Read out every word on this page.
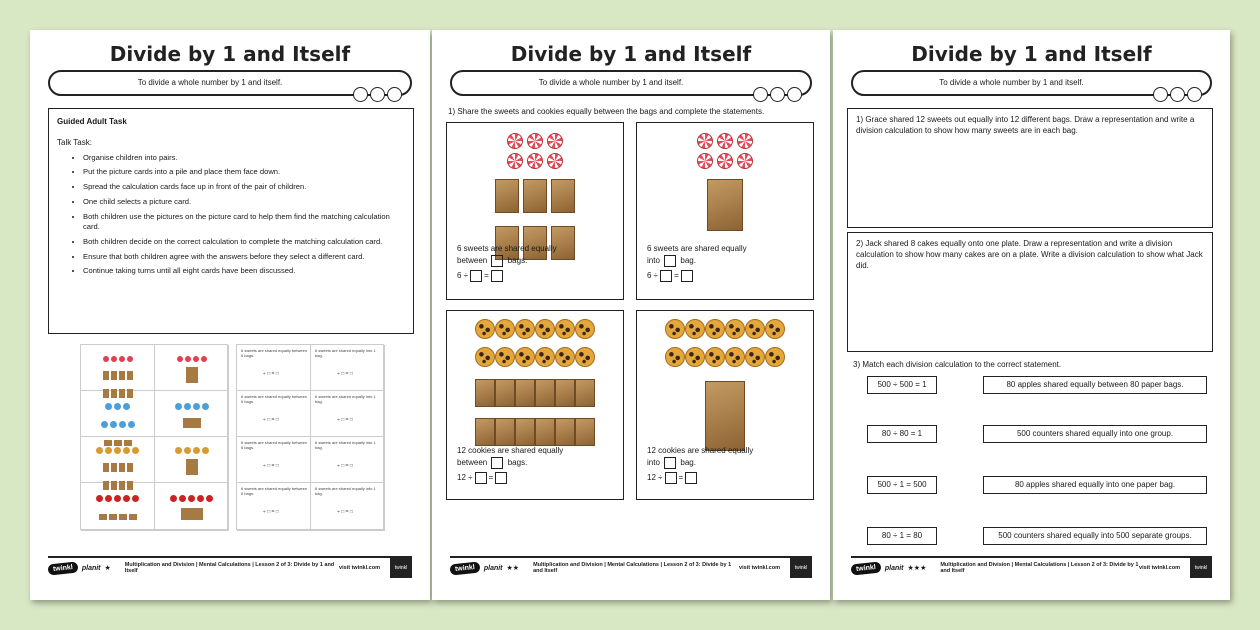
Divide by 1 and Itself
To divide a whole number by 1 and itself.
Guided Adult Task
Talk Task:
• Organise children into pairs.
• Put the picture cards into a pile and place them face down.
• Spread the calculation cards face up in front of the pair of children.
• One child selects a picture card.
• Both children use the pictures on the picture card to help them find the matching calculation card.
• Both children decide on the correct calculation to complete the matching calculation card.
• Ensure that both children agree with the answers before they select a different card.
• Continue taking turns until all eight cards have been discussed.
6 sweets are shared equally between 6 bags.
÷ □ = □
6 sweets are shared equally into 1 bag.
÷ □ = □
6 sweets are shared equally between 6 bags.
÷ □ = □
6 sweets are shared equally into 1 bag.
÷ □ = □
6 sweets are shared equally between 6 bags.
÷ □ = □
6 sweets are shared equally into 1 bag.
÷ □ = □
6 sweets are shared equally between 6 bags.
÷ □ = □
6 sweets are shared equally into 1 bag.
÷ □ = □
twinkl	planit ★	Multiplication and Division | Mental Calculations | Lesson 2 of 3: Divide by 1 and Itself	visit twinkl.com	twinkl
Divide by 1 and Itself
To divide a whole number by 1 and itself.
1) Share the sweets and cookies equally between the bags and complete the statements.

6 sweets are shared equally
between	bags.
6 ÷ =

6 sweets are shared equally
into	bag.
6 ÷ =

12 cookies are shared equally
between	bags.
12 ÷ =

12 cookies are shared equally
into	bag.
12 ÷ =
twinkl	planit ★★	Multiplication and Division | Mental Calculations | Lesson 2 of 3: Divide by 1 and Itself	visit twinkl.com	twinkl
Divide by 1 and Itself
To divide a whole number by 1 and itself.
1) Grace shared 12 sweets out equally into 12 different bags. Draw a representation and write a division calculation to show how many sweets are in each bag.
2) Jack shared 8 cakes equally onto one plate. Draw a representation and write a division calculation to show how many cakes are on a plate. Write a division calculation to show what Jack did.
3) Match each division calculation to the correct statement.
500 ÷ 500 = 1	80 apples shared equally between 80 paper bags.
80 ÷ 80 = 1	500 counters shared equally into one group.
500 ÷ 1 = 500	80 apples shared equally into one paper bag.
80 ÷ 1 = 80	500 counters shared equally into 500 separate groups.
twinkl	planit ★★★	Multiplication and Division | Mental Calculations | Lesson 2 of 3: Divide by 1 and Itself	visit twinkl.com	twinkl
